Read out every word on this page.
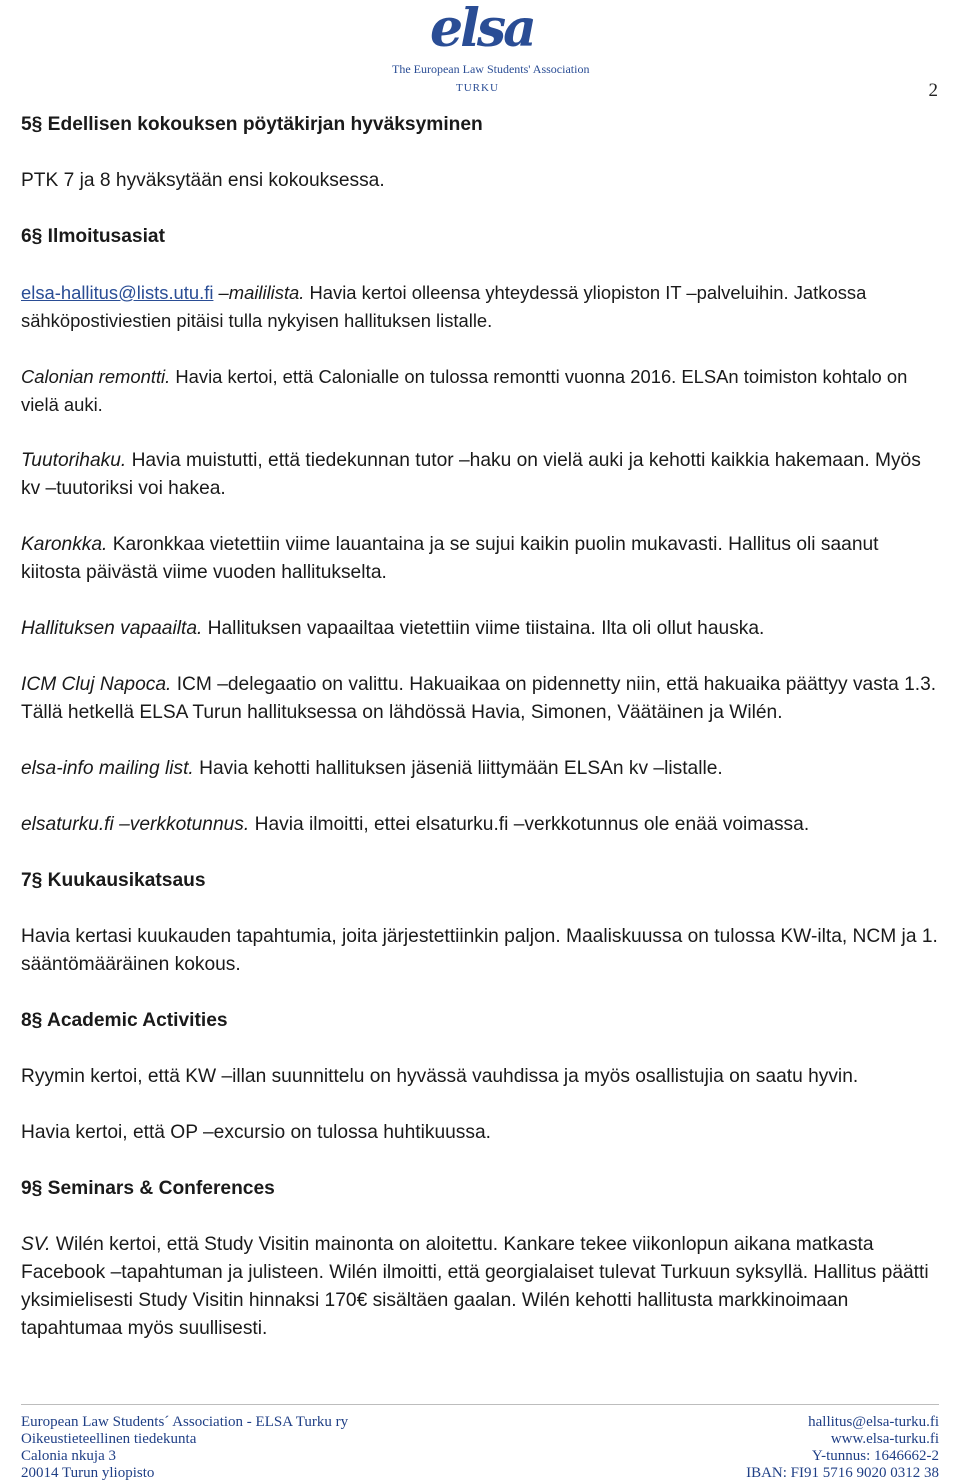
elsa
The European Law Students' Association
TURKU	2

5§ Edellisen kokouksen pöytäkirjan hyväksyminen

PTK 7 ja 8 hyväksytään ensi kokouksessa.

6§ Ilmoitusasiat

elsa-hallitus@lists.utu.fi –maililista. Havia kertoi olleensa yhteydessä yliopiston IT –palveluihin. Jatkossa sähköpostiviestien pitäisi tulla nykyisen hallituksen listalle.

Calonian remontti. Havia kertoi, että Calonialle on tulossa remontti vuonna 2016. ELSAn toimiston kohtalo on vielä auki.

Tuutorihaku. Havia muistutti, että tiedekunnan tutor –haku on vielä auki ja kehotti kaikkia hakemaan. Myös kv –tuutoriksi voi hakea.

Karonkka. Karonkkaa vietettiin viime lauantaina ja se sujui kaikin puolin mukavasti. Hallitus oli saanut kiitosta päivästä viime vuoden hallitukselta.

Hallituksen vapaailta. Hallituksen vapaailtaa vietettiin viime tiistaina. Ilta oli ollut hauska.

ICM Cluj Napoca. ICM –delegaatio on valittu. Hakuaikaa on pidennetty niin, että hakuaika päättyy vasta 1.3. Tällä hetkellä ELSA Turun hallituksessa on lähdössä Havia, Simonen, Väätäinen ja Wilén.

elsa-info mailing list. Havia kehotti hallituksen jäseniä liittymään ELSAn kv –listalle.

elsaturku.fi –verkkotunnus. Havia ilmoitti, ettei elsaturku.fi –verkkotunnus ole enää voimassa.

7§ Kuukausikatsaus

Havia kertasi kuukauden tapahtumia, joita järjestettiinkin paljon. Maaliskuussa on tulossa KW-ilta, NCM ja 1. sääntömääräinen kokous.

8§ Academic Activities

Ryymin kertoi, että KW –illan suunnittelu on hyvässä vauhdissa ja myös osallistujia on saatu hyvin.

Havia kertoi, että OP –excursio on tulossa huhtikuussa.

9§ Seminars & Conferences

SV. Wilén kertoi, että Study Visitin mainonta on aloitettu. Kankare tekee viikonlopun aikana matkasta Facebook –tapahtuman ja julisteen. Wilén ilmoitti, että georgialaiset tulevat Turkuun syksyllä. Hallitus päätti yksimielisesti Study Visitin hinnaksi 170€ sisältäen gaalan. Wilén kehotti hallitusta markkinoimaan tapahtumaa myös suullisesti.

European Law Students´ Association - ELSA Turku ry
Oikeustieteellinen tiedekunta
Calonia ​nkuja 3
20014 Turun yliopisto
hallitus@elsa-turku.fi
www.elsa-turku.fi
Y-tunnus: 1646662-2
IBAN: FI91 5716 9020 0312 38
